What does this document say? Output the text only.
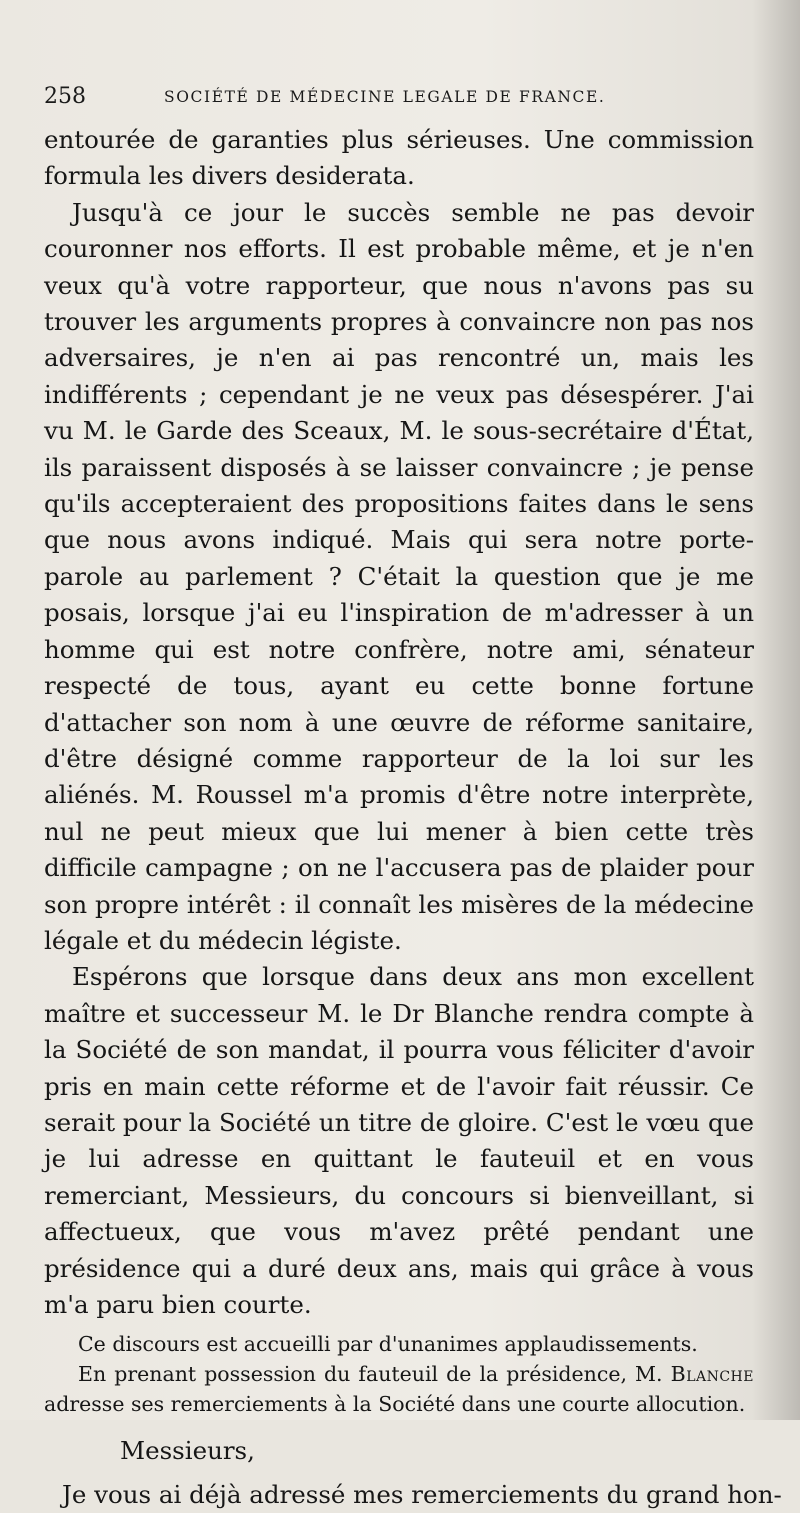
258	SOCIÉTÉ DE MÉDECINE LEGALE DE FRANCE.

entourée de garanties plus sérieuses. Une commission formula les divers desiderata.

Jusqu'à ce jour le succès semble ne pas devoir couronner nos efforts. Il est probable même, et je n'en veux qu'à votre rapporteur, que nous n'avons pas su trouver les arguments propres à convaincre non pas nos adversaires, je n'en ai pas rencontré un, mais les indifférents ; cependant je ne veux pas désespérer. J'ai vu M. le Garde des Sceaux, M. le sous-secrétaire d'État, ils paraissent disposés à se laisser convaincre ; je pense qu'ils accepteraient des propositions faites dans le sens que nous avons indiqué. Mais qui sera notre porte-parole au parlement ? C'était la question que je me posais, lorsque j'ai eu l'inspiration de m'adresser à un homme qui est notre confrère, notre ami, sénateur respecté de tous, ayant eu cette bonne fortune d'attacher son nom à une œuvre de réforme sanitaire, d'être désigné comme rapporteur de la loi sur les aliénés. M. Roussel m'a promis d'être notre interprète, nul ne peut mieux que lui mener à bien cette très difficile campagne ; on ne l'accusera pas de plaider pour son propre intérêt : il connaît les misères de la médecine légale et du médecin légiste.

Espérons que lorsque dans deux ans mon excellent maître et successeur M. le Dr Blanche rendra compte à la Société de son mandat, il pourra vous féliciter d'avoir pris en main cette réforme et de l'avoir fait réussir. Ce serait pour la Société un titre de gloire. C'est le vœu que je lui adresse en quittant le fauteuil et en vous remerciant, Messieurs, du concours si bienveillant, si affectueux, que vous m'avez prêté pendant une présidence qui a duré deux ans, mais qui grâce à vous m'a paru bien courte.

Ce discours est accueilli par d'unanimes applaudissements.

En prenant possession du fauteuil de la présidence, M. Blanche adresse ses remerciements à la Société dans une courte allocution.

Messieurs,

Je vous ai déjà adressé mes remerciements du grand hon-
